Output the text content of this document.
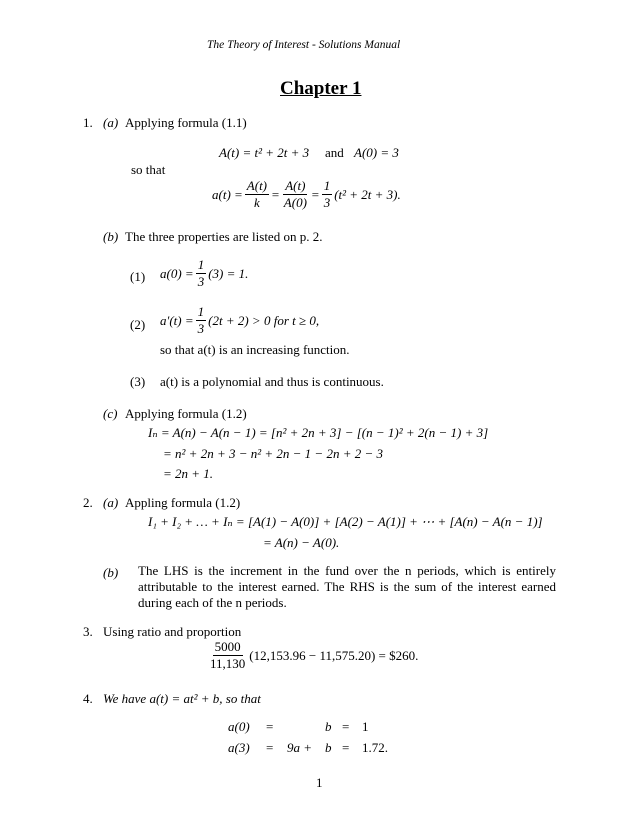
The Theory of Interest - Solutions Manual
Chapter 1
1. (a) Applying formula (1.1)
A(t) = t² + 2t + 3 and A(0) = 3
so that
$a(t) = \frac{A(t)}{k} = \frac{A(t)}{A(0)} = \frac{1}{3} (t^2 + 2t + 3)$.
(b) The three properties are listed on p. 2.
(1) $a(0) = \frac{1}{3} (3) = 1$.
(2) $a'(t) = \frac{1}{3} (2t + 2) > 0$ for t ≥ 0,
so that a(t) is an increasing function.
(3) a(t) is a polynomial and thus is continuous.
(c) Applying formula (1.2)
Iₙ = A(n) − A(n − 1) = [n² + 2n + 3] − [(n − 1)² + 2(n − 1) + 3]
= n² + 2n + 3 − n² + 2n − 1 − 2n + 2 − 3
= 2n + 1.
2. (a) Appling formula (1.2)
I₁ + I₂ + … + Iₙ = [A(1) − A(0)] + [A(2) − A(1)] + ⋯ + [A(n) − A(n − 1)]
= A(n) − A(0).
(b) The LHS is the increment in the fund over the n periods, which is entirely attributable to the interest earned. The RHS is the sum of the interest earned during each of the n periods.
3. Using ratio and proportion
$\frac{5000}{11,130} (12,153.96 - 11,575.20)$ = $260.
4. We have a(t) = at² + b, so that
a(0) =	b = 1
a(3) = 9a + b = 1.72.
1
